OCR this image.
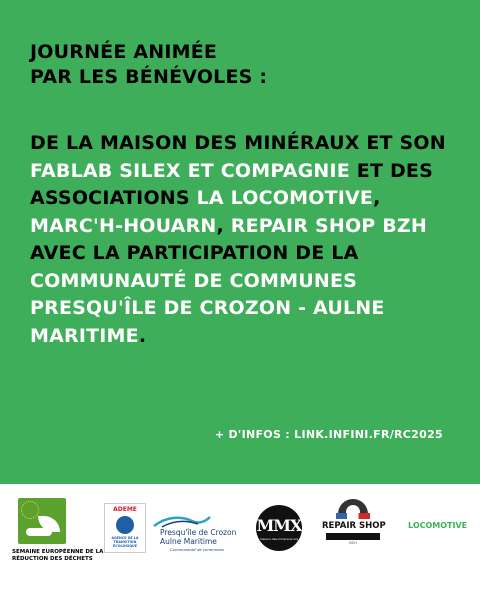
JOURNÉE ANIMÉE
PAR LES BÉNÉVOLES :
DE LA MAISON DES MINÉRAUX ET SON FABLAB SILEX ET COMPAGNIE ET DES ASSOCIATIONS LA LOCOMOTIVE, MARC'H-HOUARN, REPAIR SHOP BZH AVEC LA PARTICIPATION DE LA COMMUNAUTÉ DE COMMUNES PRESQU'ÎLE DE CROZON - AULNE MARITIME.
+ D'INFOS : LINK.INFINI.FR/RC2025
SEMAINE EUROPÉENNE DE LA RÉDUCTION DES DÉCHETS
ADEME
AGENCE DE LA TRANSITION ÉCOLOGIQUE
Presqu'île de Crozon Aulne Maritime
Communauté de communes
MMX
maison-des-mineraux.org
REPAIR SHOP
BZH
LOCOMOTIVE
